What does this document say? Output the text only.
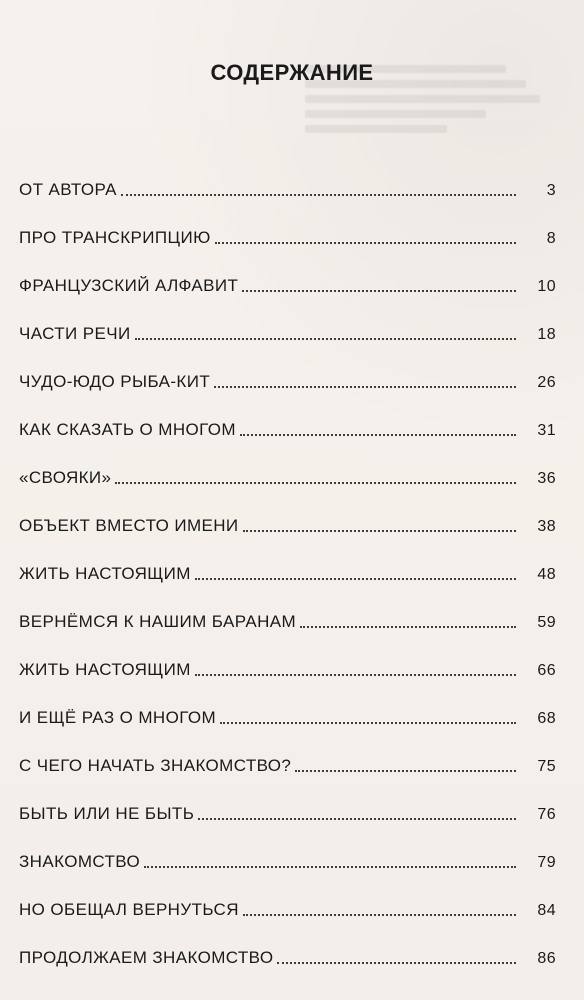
СОДЕРЖАНИЕ
ОТ АВТОРА	3
ПРО ТРАНСКРИПЦИЮ	8
ФРАНЦУЗСКИЙ АЛФАВИТ	10
ЧАСТИ РЕЧИ	18
ЧУДО-ЮДО РЫБА-КИТ	26
КАК СКАЗАТЬ О МНОГОМ	31
«СВОЯКИ»	36
ОБЪЕКТ ВМЕСТО ИМЕНИ	38
ЖИТЬ НАСТОЯЩИМ	48
ВЕРНЁМСЯ К НАШИМ БАРАНАМ	59
ЖИТЬ НАСТОЯЩИМ	66
И ЕЩЁ РАЗ О МНОГОМ	68
С ЧЕГО НАЧАТЬ ЗНАКОМСТВО?	75
БЫТЬ ИЛИ НЕ БЫТЬ	76
ЗНАКОМСТВО	79
НО ОБЕЩАЛ ВЕРНУТЬСЯ	84
ПРОДОЛЖАЕМ ЗНАКОМСТВО	86
